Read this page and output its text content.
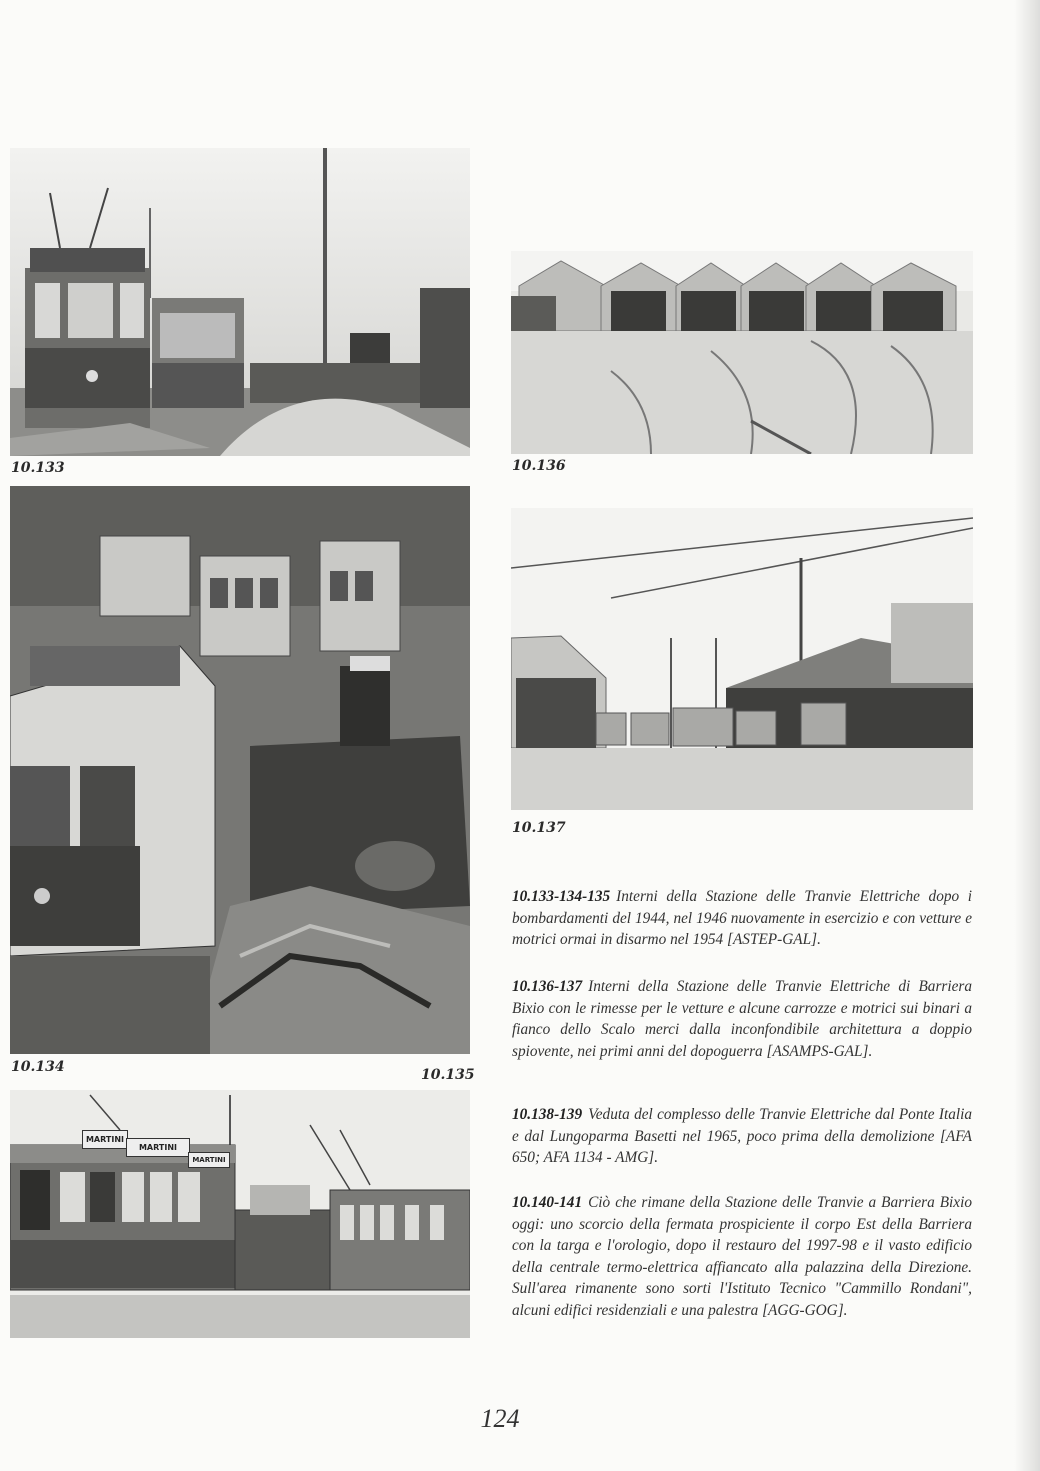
10.133	10.136
10.137
10.134	10.135
MARTINI
MARTINI
MARTINI
10.133-134-135 Interni della Stazione delle Tranvie Elettriche dopo i bombardamenti del 1944, nel 1946 nuovamente in esercizio e con vetture e motrici ormai in disarmo nel 1954 [ASTEP-GAL].
10.136-137 Interni della Stazione delle Tranvie Elettriche di Barriera Bixio con le rimesse per le vetture e alcune carrozze e motrici sui binari a fianco dello Scalo merci dalla inconfondibile architettura a doppio spiovente, nei primi anni del dopoguerra [ASAMPS-GAL].
10.138-139 Veduta del complesso delle Tranvie Elettriche dal Ponte Italia e dal Lungoparma Basetti nel 1965, poco prima della demolizione [AFA 650; AFA 1134 - AMG].
10.140-141 Ciò che rimane della Stazione delle Tranvie a Barriera Bixio oggi: uno scorcio della fermata prospiciente il corpo Est della Barriera con la targa e l'orologio, dopo il restauro del 1997-98 e il vasto edificio della centrale termo-elettrica affiancato alla palazzina della Direzione. Sull'area rimanente sono sorti l'Istituto Tecnico "Cammillo Rondani", alcuni edifici residenziali e una palestra [AGG-GOG].
124
